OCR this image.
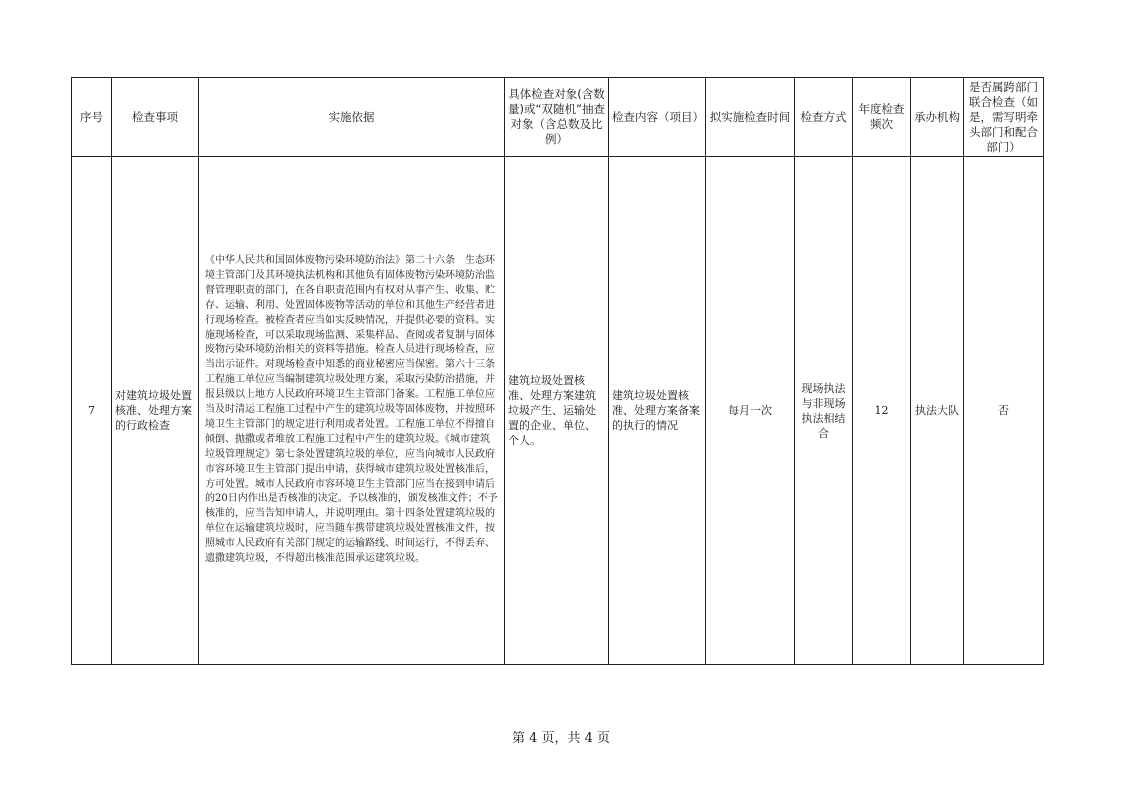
序号	检查事项	实施依据	具体检查对象(含数量)或“双随机”抽查对象（含总数及比例）	检查内容（项目）	拟实施检查时间	检查方式	年度检查频次	承办机构	是否属跨部门联合检查（如是，需写明牵头部门和配合部门）
7	对建筑垃圾处置核准、处理方案的行政检查	《中华人民共和国固体废物污染环境防治法》第二十六条　生态环境主管部门及其环境执法机构和其他负有固体废物污染环境防治监督管理职责的部门，在各自职责范围内有权对从事产生、收集、贮存、运输、利用、处置固体废物等活动的单位和其他生产经营者进行现场检查。被检查者应当如实反映情况，并提供必要的资料。实施现场检查，可以采取现场监测、采集样品、查阅或者复制与固体废物污染环境防治相关的资料等措施。检查人员进行现场检查，应当出示证件。对现场检查中知悉的商业秘密应当保密。第六十三条　工程施工单位应当编制建筑垃圾处理方案，采取污染防治措施，并报县级以上地方人民政府环境卫生主管部门备案。工程施工单位应当及时清运工程施工过程中产生的建筑垃圾等固体废物，并按照环境卫生主管部门的规定进行利用或者处置。工程施工单位不得擅自倾倒、抛撒或者堆放工程施工过程中产生的建筑垃圾。《城市建筑垃圾管理规定》第七条处置建筑垃圾的单位，应当向城市人民政府市容环境卫生主管部门提出申请，获得城市建筑垃圾处置核准后，方可处置。城市人民政府市容环境卫生主管部门应当在接到申请后的20日内作出是否核准的决定。予以核准的，颁发核准文件；不予核准的，应当告知申请人，并说明理由。第十四条处置建筑垃圾的单位在运输建筑垃圾时，应当随车携带建筑垃圾处置核准文件，按照城市人民政府有关部门规定的运输路线、时间运行，不得丢弃、遗撒建筑垃圾，不得超出核准范围承运建筑垃圾。	建筑垃圾处置核准、处理方案建筑垃圾产生、运输处置的企业、单位、个人。	建筑垃圾处置核准、处理方案备案的执行的情况	每月一次	现场执法与非现场执法相结合	12	执法大队	否
第 4 页，共 4 页
